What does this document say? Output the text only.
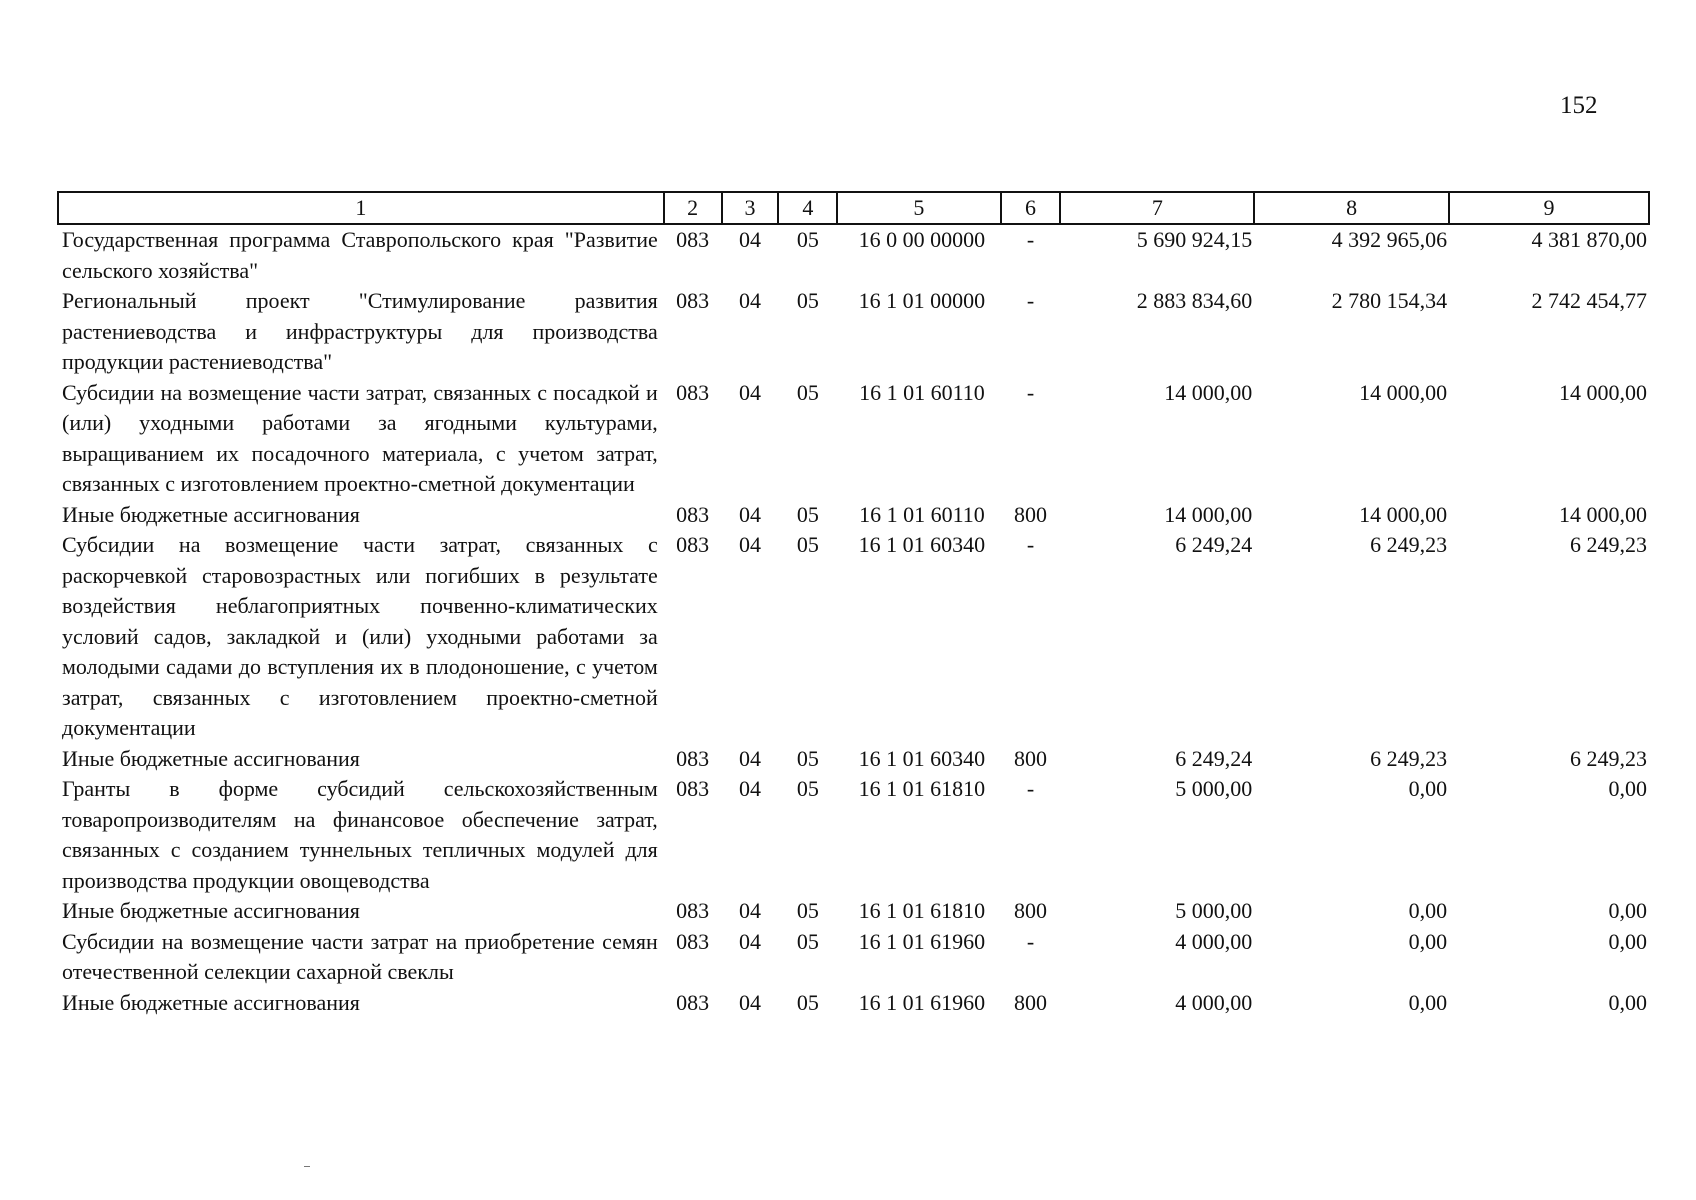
152
1	2	3	4	5	6	7	8	9
Государственная программа Ставропольского края "Развитие сельского хозяйства"	083	04	05	16 0 00 00000	-	5 690 924,15	4 392 965,06	4 381 870,00
Региональный проект "Стимулирование развития растениеводства и инфраструктуры для производства продукции растениеводства"	083	04	05	16 1 01 00000	-	2 883 834,60	2 780 154,34	2 742 454,77
Субсидии на возмещение части затрат, связанных с посадкой и (или) уходными работами за ягодными культурами, выращиванием их посадочного материала, с учетом затрат, связанных с изготовлением проектно-сметной документации	083	04	05	16 1 01 60110	-	14 000,00	14 000,00	14 000,00
Иные бюджетные ассигнования	083	04	05	16 1 01 60110	800	14 000,00	14 000,00	14 000,00
Субсидии на возмещение части затрат, связанных с раскорчевкой старовозрастных или погибших в результате воздействия неблагоприятных почвенно-климатических условий садов, закладкой и (или) уходными работами за молодыми садами до вступления их в плодоношение, с учетом затрат, связанных с изготовлением проектно-сметной документации	083	04	05	16 1 01 60340	-	6 249,24	6 249,23	6 249,23
Иные бюджетные ассигнования	083	04	05	16 1 01 60340	800	6 249,24	6 249,23	6 249,23
Гранты в форме субсидий сельскохозяйственным товаропроизводителям на финансовое обеспечение затрат, связанных с созданием туннельных тепличных модулей для производства продукции овощеводства	083	04	05	16 1 01 61810	-	5 000,00	0,00	0,00
Иные бюджетные ассигнования	083	04	05	16 1 01 61810	800	5 000,00	0,00	0,00
Субсидии на возмещение части затрат на приобретение семян отечественной селекции сахарной свеклы	083	04	05	16 1 01 61960	-	4 000,00	0,00	0,00
Иные бюджетные ассигнования	083	04	05	16 1 01 61960	800	4 000,00	0,00	0,00
